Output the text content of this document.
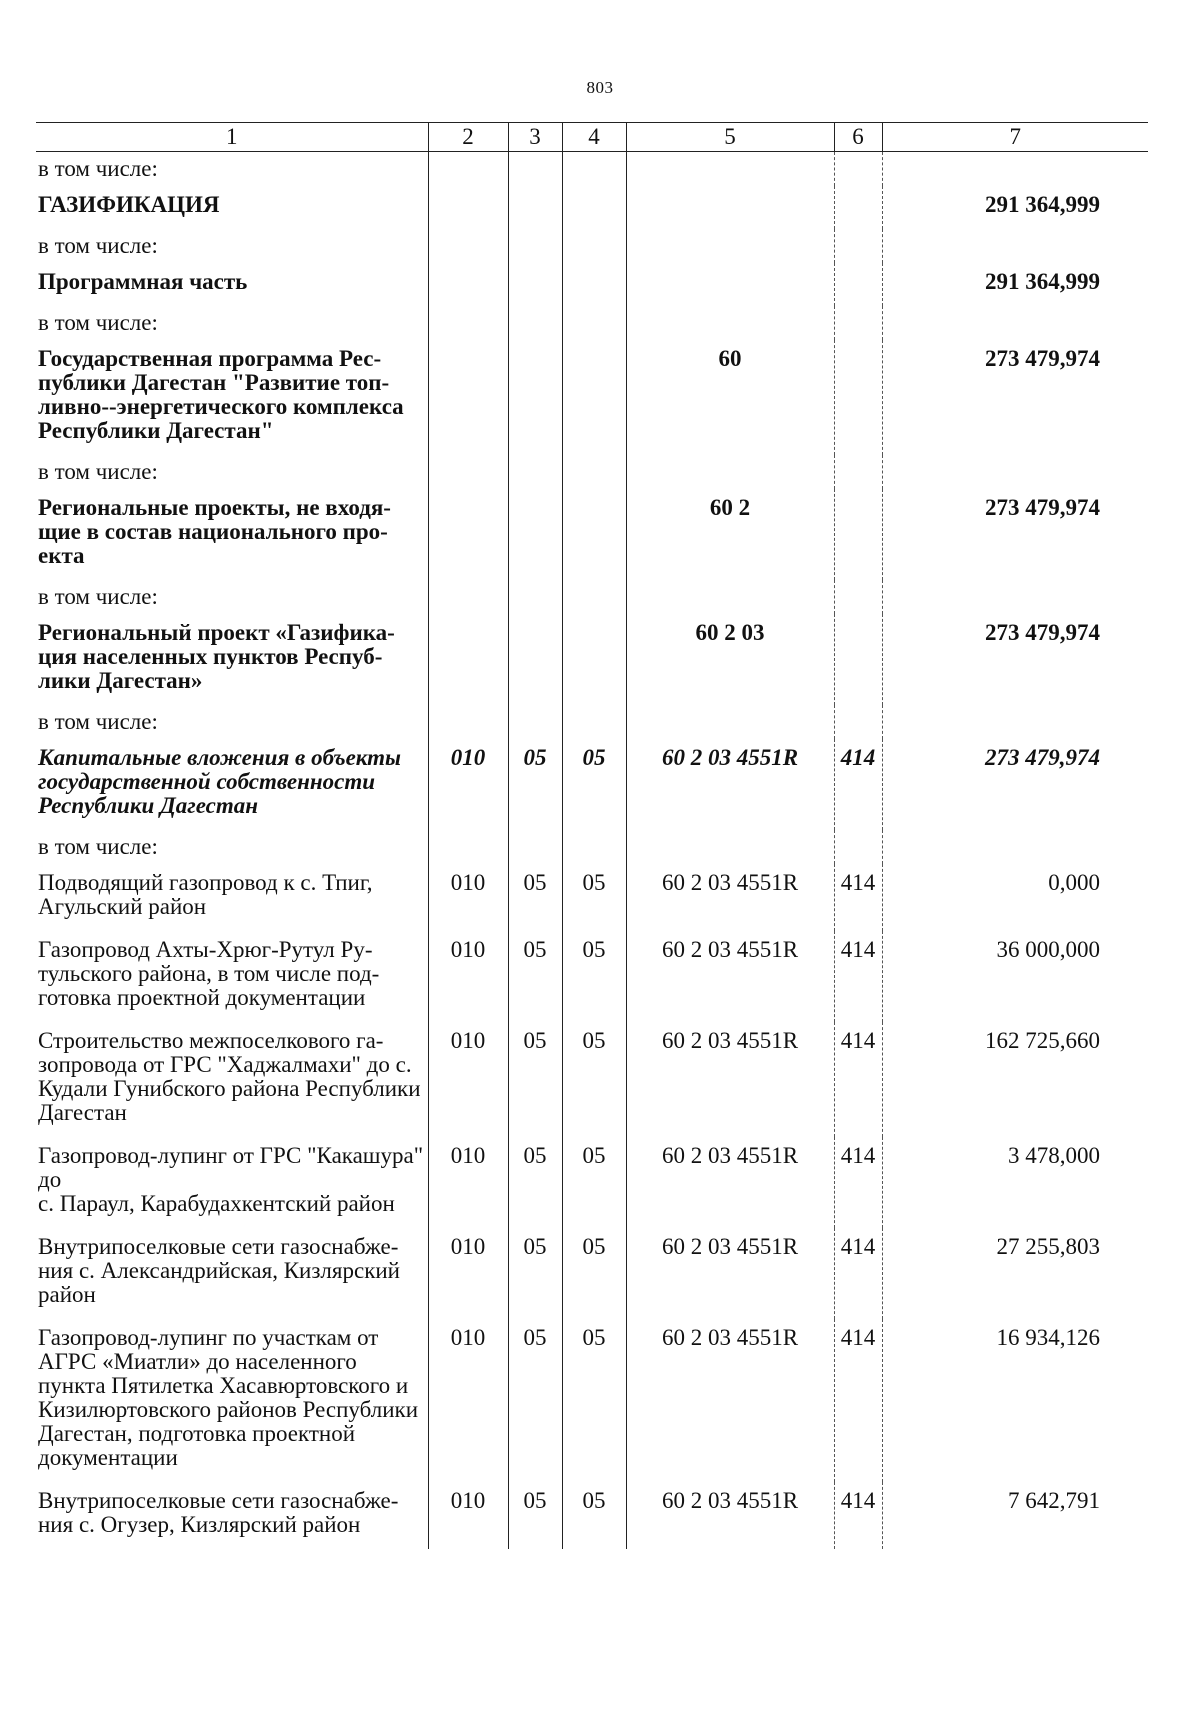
803
1	2	3	4	5	6	7
в том числе:						
ГАЗИФИКАЦИЯ						291 364,999
в том числе:						
Программная часть						291 364,999
в том числе:						
Государственная программа Республики Дагестан "Развитие топливно--энергетического комплекса Республики Дагестан"				60		273 479,974
в том числе:						
Региональные проекты, не входящие в состав национального проекта				60 2		273 479,974
в том числе:						
Региональный проект «Газификация населенных пунктов Республики Дагестан»				60 2 03		273 479,974
в том числе:						
Капитальные вложения в объекты государственной собственности Республики Дагестан	010	05	05	60 2 03 4551R	414	273 479,974
в том числе:						
Подводящий газопровод к с. Тпиг, Агульский район	010	05	05	60 2 03 4551R	414	0,000
Газопровод Ахты-Хрюг-Рутул Рутульского района, в том числе подготовка проектной документации	010	05	05	60 2 03 4551R	414	36 000,000
Строительство межпоселкового газопровода от ГРС "Хаджалмахи" до с. Кудали Гунибского района Республики Дагестан	010	05	05	60 2 03 4551R	414	162 725,660
Газопровод-лупинг от ГРС "Какашура" до
с. Параул, Карабудахкентский район	010	05	05	60 2 03 4551R	414	3 478,000
Внутрипоселковые сети газоснабжения с. Александрийская, Кизлярский район	010	05	05	60 2 03 4551R	414	27 255,803
Газопровод-лупинг по участкам от АГРС «Миатли» до населенного пункта Пятилетка Хасавюртовского и Кизилюртовского районов Республики Дагестан, подготовка проектной документации	010	05	05	60 2 03 4551R	414	16 934,126
Внутрипоселковые сети газоснабжения с. Огузер, Кизлярский район	010	05	05	60 2 03 4551R	414	7 642,791
